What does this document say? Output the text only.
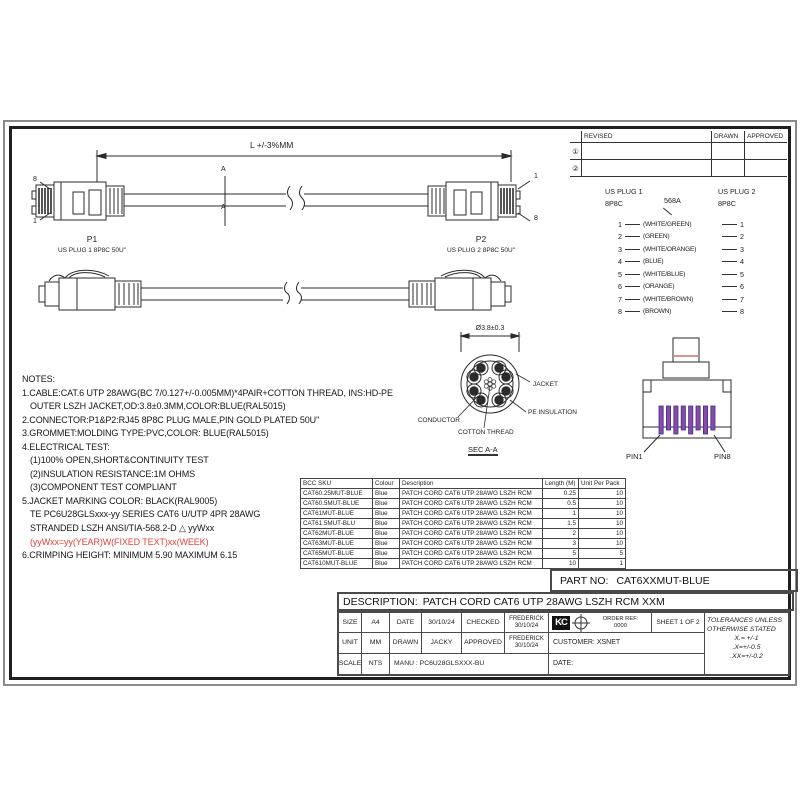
L +/-3%MM
8
1
1
8
A
A
P1
US PLUG 1 8P8C 50U"
P2
US PLUG 2 8P8C 50U"
Ø3.8±0.3
JACKET
PE INSULATION
COTTON THREAD
CONDUCTOR
SEC A-A
PIN1	PIN8
REVISED	DRAWN	APPROVED
①
②
US PLUG 1
8P8C	568A
US PLUG 2
8P8C
1	(WHITE/GREEN)	1
2	(GREEN)	2
3	(WHITE/ORANGE)	3
4	(BLUE)	4
5	(WHITE/BLUE)	5
6	(ORANGE)	6
7	(WHITE/BROWN)	7
8	(BROWN)	8
NOTES:
1.CABLE:CAT.6 UTP 28AWG(BC 7/0.127+/-0.005MM)*4PAIR+COTTON THREAD, INS:HD-PE
OUTER LSZH JACKET,OD:3.8±0.3MM,COLOR:BLUE(RAL5015)
2.CONNECTOR:P1&P2:RJ45 8P8C PLUG MALE,PIN GOLD PLATED 50U"
3.GROMMET:MOLDING TYPE:PVC,COLOR: BLUE(RAL5015)
4.ELECTRICAL TEST:
(1)100% OPEN,SHORT&CONTINUITY TEST
(2)INSULATION RESISTANCE:1M OHMS
(3)COMPONENT TEST COMPLIANT
5.JACKET MARKING COLOR: BLACK(RAL9005)
TE PC6U28GLSxxx-yy SERIES CAT6 U/UTP 4PR 28AWG
STRANDED LSZH ANSI/TIA-568.2-D △ yyWxx
(yyWxx=yy(YEAR)W(FIXED TEXT)xx(WEEK)
6.CRIMPING HEIGHT: MINIMUM 5.90 MAXIMUM 6.15
BCC SKU	Colour	Description	Length (M)	Unit Per Pack
CAT60.25MUT-BLUE	Blue	PATCH CORD CAT6 UTP 28AWG LSZH RCM	0.25	10
CAT60.5MUT-BLUE	Blue	PATCH CORD CAT6 UTP 28AWG LSZH RCM	0.5	10
CAT61MUT-BLUE	Blue	PATCH CORD CAT6 UTP 28AWG LSZH RCM	1	10
CAT61.5MUT-BLU	Blue	PATCH CORD CAT6 UTP 28AWG LSZH RCM	1.5	10
CAT62MUT-BLUE	Blue	PATCH CORD CAT6 UTP 28AWG LSZH RCM	2	10
CAT63MUT-BLUE	Blue	PATCH CORD CAT6 UTP 28AWG LSZH RCM	3	10
CAT65MUT-BLUE	Blue	PATCH CORD CAT6 UTP 28AWG LSZH RCM	5	5
CAT610MUT-BLUE	Blue	PATCH CORD CAT6 UTP 28AWG LSZH RCM	10	1
PART NO: CAT6XXMUT-BLUE
DESCRIPTION: PATCH CORD CAT6 UTP 28AWG LSZH RCM XXM
SIZE	A4	DATE	30/10/24	CHECKED
FREDERICK
30/10/24	KC	ORDER REF:
0000	SHEET 1 OF 2	TOLERANCES UNLESS
OTHERWISE STATED
X.= +/-1
.X=+/-0.5
.XX=+/-0.2
UNIT	MM	DRAWN	JACKY	APPROVED
FREDERICK
30/10/24	CUSTOMER: XSNET
SCALE	NTS	MANU : PC6U28GLSXXX-BU	DATE:
